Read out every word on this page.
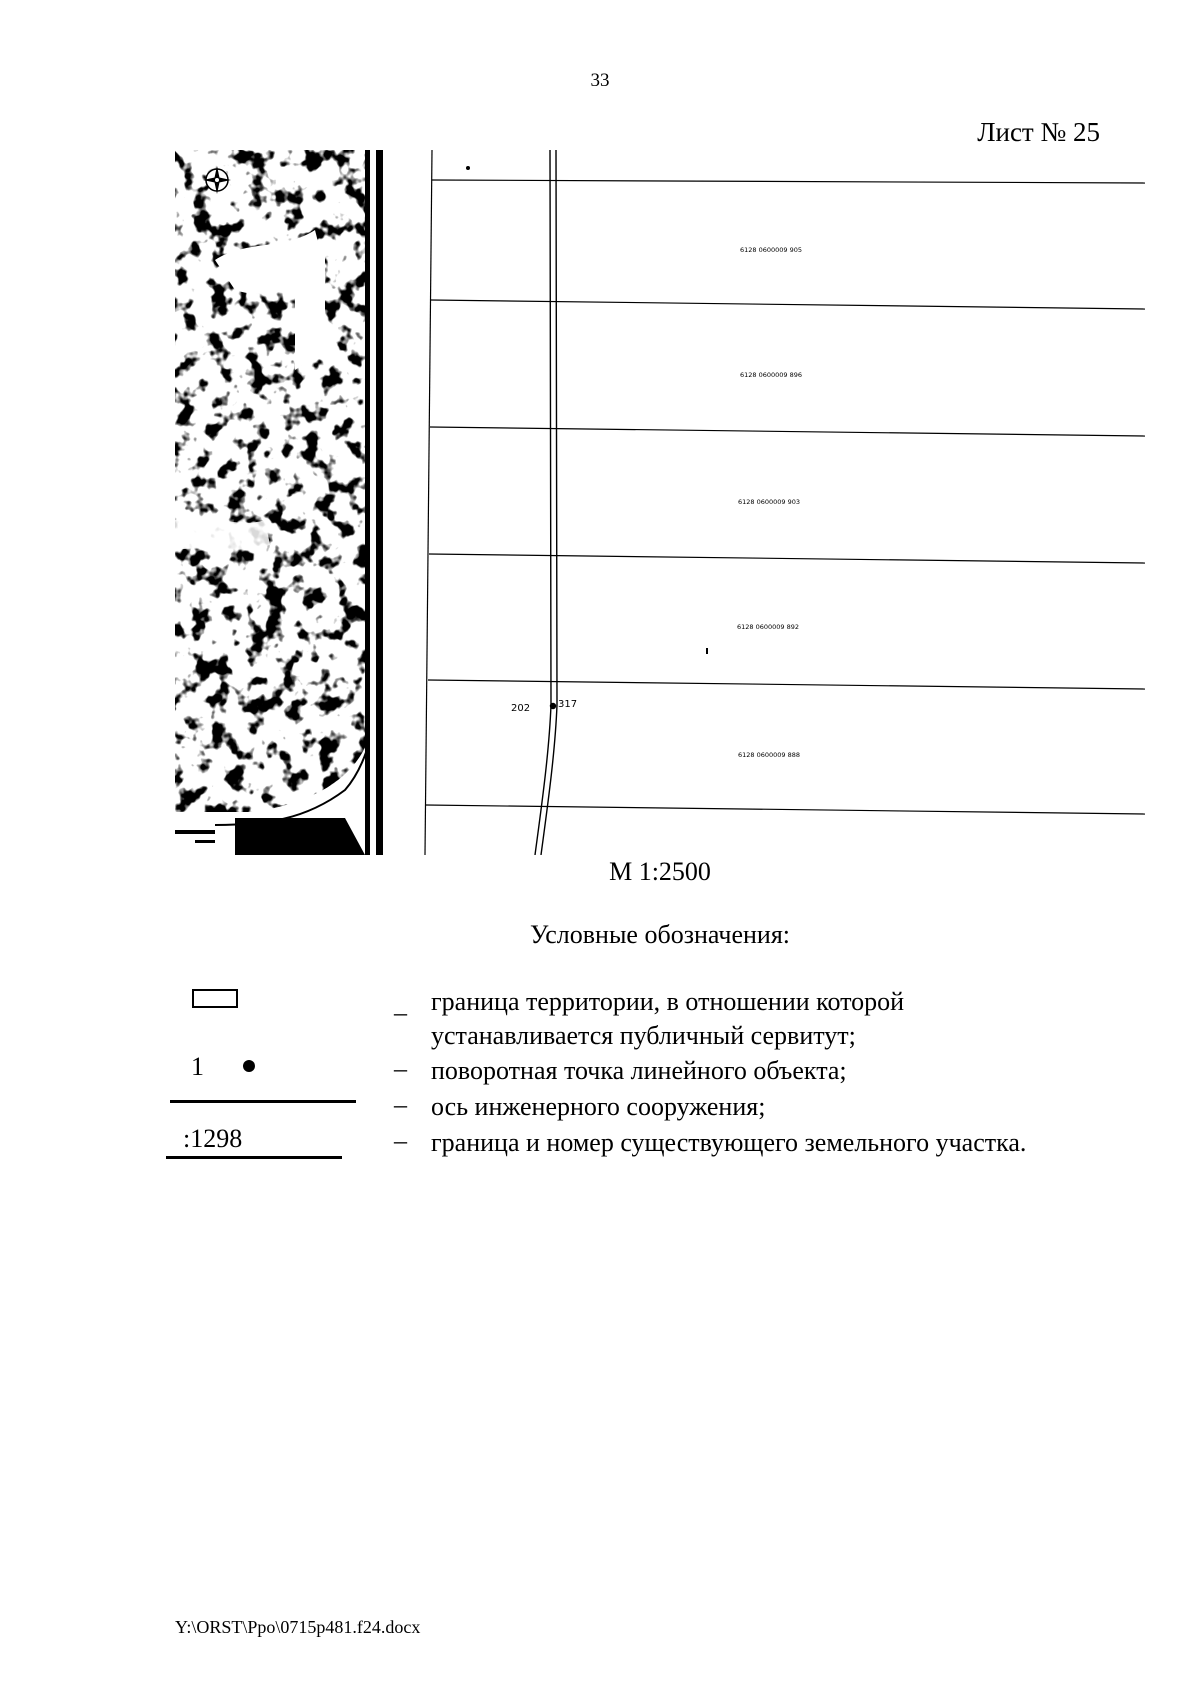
33
Лист № 25
202	317
6128 0600009 905
6128 0600009 896
6128 0600009 903
6128 0600009 892
6128 0600009 888
М 1:2500
Условные обозначения:
– граница территории, в отношении которой
устанавливается публичный сервитут;
1	– поворотная точка линейного объекта;
– ось инженерного сооружения;
:1298	– граница и номер существующего земельного участка.
Y:\ORST\Ppo\0715p481.f24.docx
